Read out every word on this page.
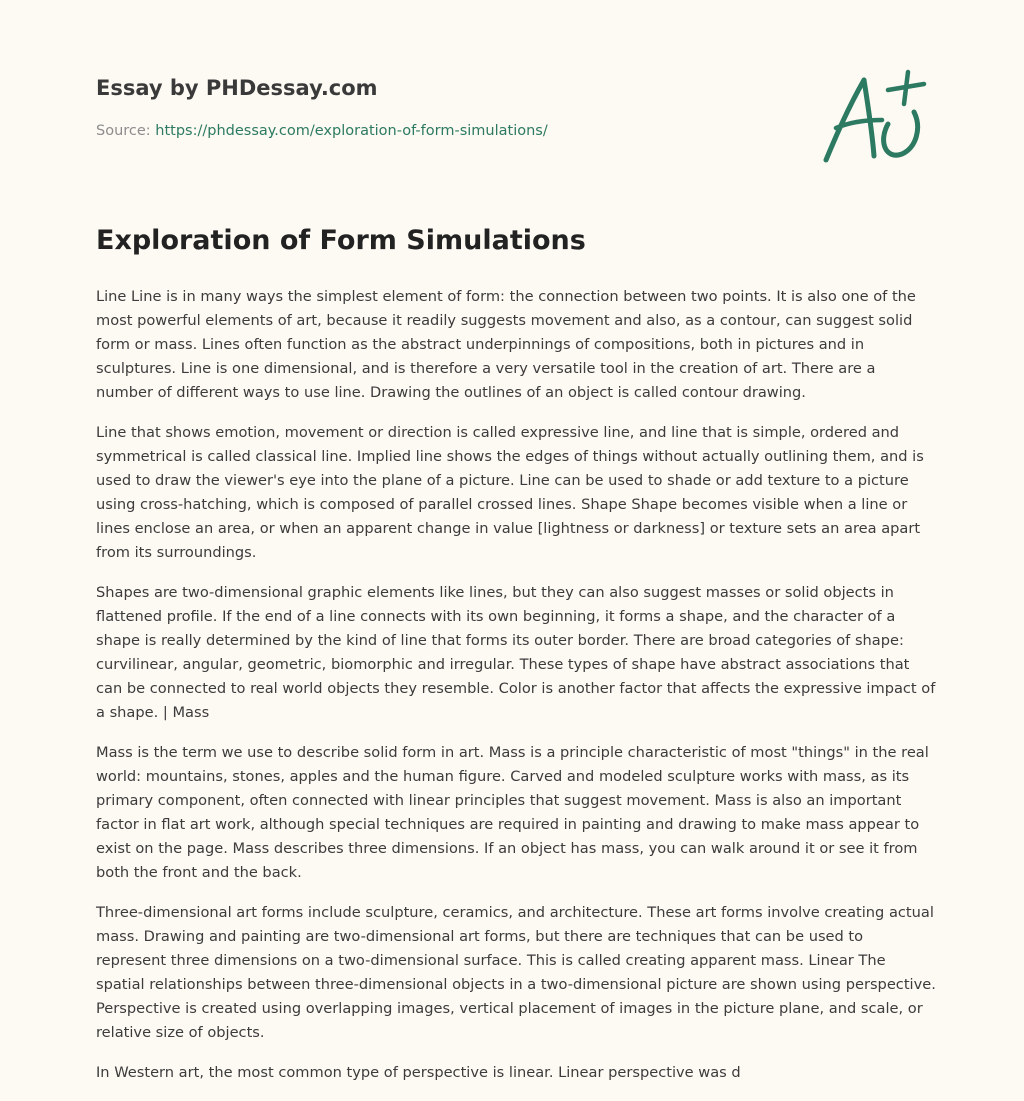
Essay by PHDessay.com
Source: https://phdessay.com/exploration-of-form-simulations/
Exploration of Form Simulations

Line Line is in many ways the simplest element of form: the connection between two points. It is also one of the most powerful elements of art, because it readily suggests movement and also, as a contour, can suggest solid form or mass. Lines often function as the abstract underpinnings of compositions, both in pictures and in sculptures. Line is one dimensional, and is therefore a very versatile tool in the creation of art. There are a number of different ways to use line. Drawing the outlines of an object is called contour drawing.

Line that shows emotion, movement or direction is called expressive line, and line that is simple, ordered and symmetrical is called classical line. Implied line shows the edges of things without actually outlining them, and is used to draw the viewer's eye into the plane of a picture. Line can be used to shade or add texture to a picture using cross-hatching, which is composed of parallel crossed lines. Shape Shape becomes visible when a line or lines enclose an area, or when an apparent change in value [lightness or darkness] or texture sets an area apart from its surroundings.

Shapes are two-dimensional graphic elements like lines, but they can also suggest masses or solid objects in flattened profile. If the end of a line connects with its own beginning, it forms a shape, and the character of a shape is really determined by the kind of line that forms its outer border. There are broad categories of shape: curvilinear, angular, geometric, biomorphic and irregular. These types of shape have abstract associations that can be connected to real world objects they resemble. Color is another factor that affects the expressive impact of a shape. | Mass

Mass is the term we use to describe solid form in art. Mass is a principle characteristic of most "things" in the real world: mountains, stones, apples and the human figure. Carved and modeled sculpture works with mass, as its primary component, often connected with linear principles that suggest movement. Mass is also an important factor in flat art work, although special techniques are required in painting and drawing to make mass appear to exist on the page. Mass describes three dimensions. If an object has mass, you can walk around it or see it from both the front and the back.

Three-dimensional art forms include sculpture, ceramics, and architecture. These art forms involve creating actual mass. Drawing and painting are two-dimensional art forms, but there are techniques that can be used to represent three dimensions on a two-dimensional surface. This is called creating apparent mass. Linear The spatial relationships between three-dimensional objects in a two-dimensional picture are shown using perspective. Perspective is created using overlapping images, vertical placement of images in the picture plane, and scale, or relative size of objects.

In Western art, the most common type of perspective is linear. Linear perspective was d
